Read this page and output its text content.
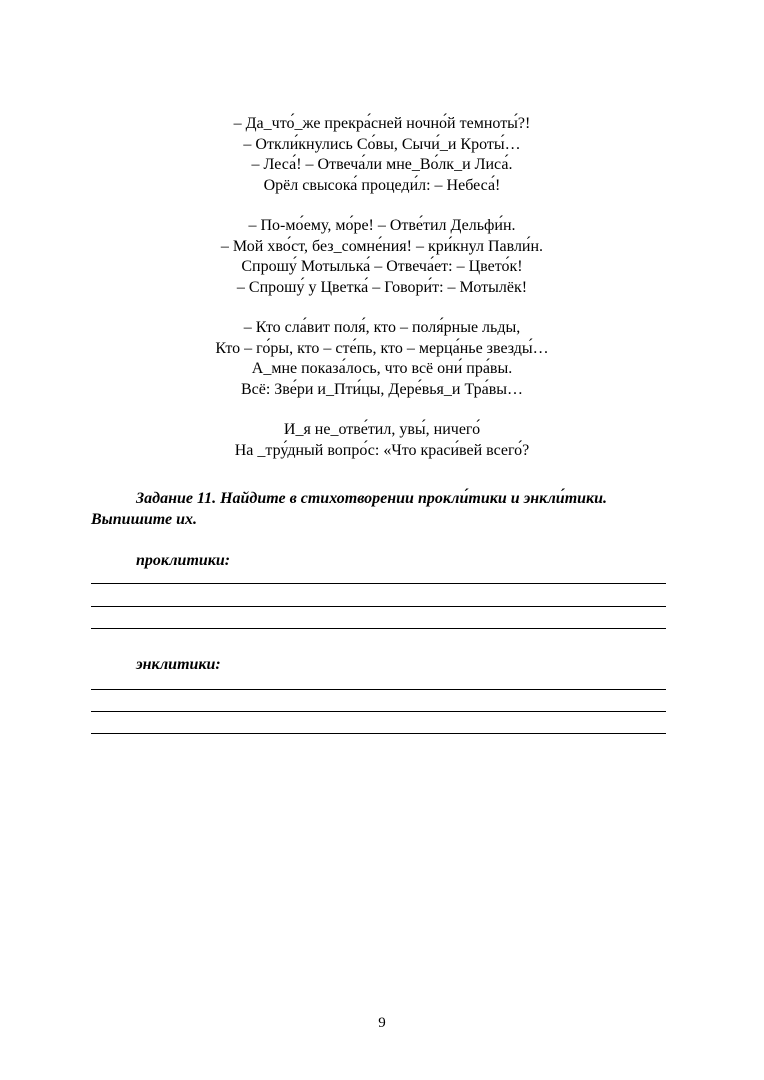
– Да_что́_же прекра́сней ночно́й темноты́?!
– Откли́кнулись Со́вы, Сычи́_и Кроты́…
– Леса́! – Отвеча́ли мне_Во́лк_и Лиса́.
Орёл свысока́ процеди́л: – Небеса́!
– По-мо́ему, мо́ре! – Отве́тил Дельфи́н.
– Мой хво́ст, без_сомне́ния! – кри́кнул Павли́н.
Спрошу́ Мотылька́ – Отвеча́ет: – Цвето́к!
– Спрошу́ у Цветка́ – Говори́т: – Мотылёк!
– Кто сла́вит поля́, кто – поля́рные льды,
Кто – го́ры, кто – сте́пь, кто – мерца́нье звезды́…
А_мне показа́лось, что всё они́ пра́вы.
Всё: Зве́ри и_Пти́цы, Дере́вья_и Тра́вы…
И_я не_отве́тил, увы́, ничего́
На _тру́дный вопро́с: «Что краси́вей всего́?
Задание 11. Найдите в стихотворении прокли́тики и энкли́тики. Выпишите их.
проклитики:
энклитики:
9
